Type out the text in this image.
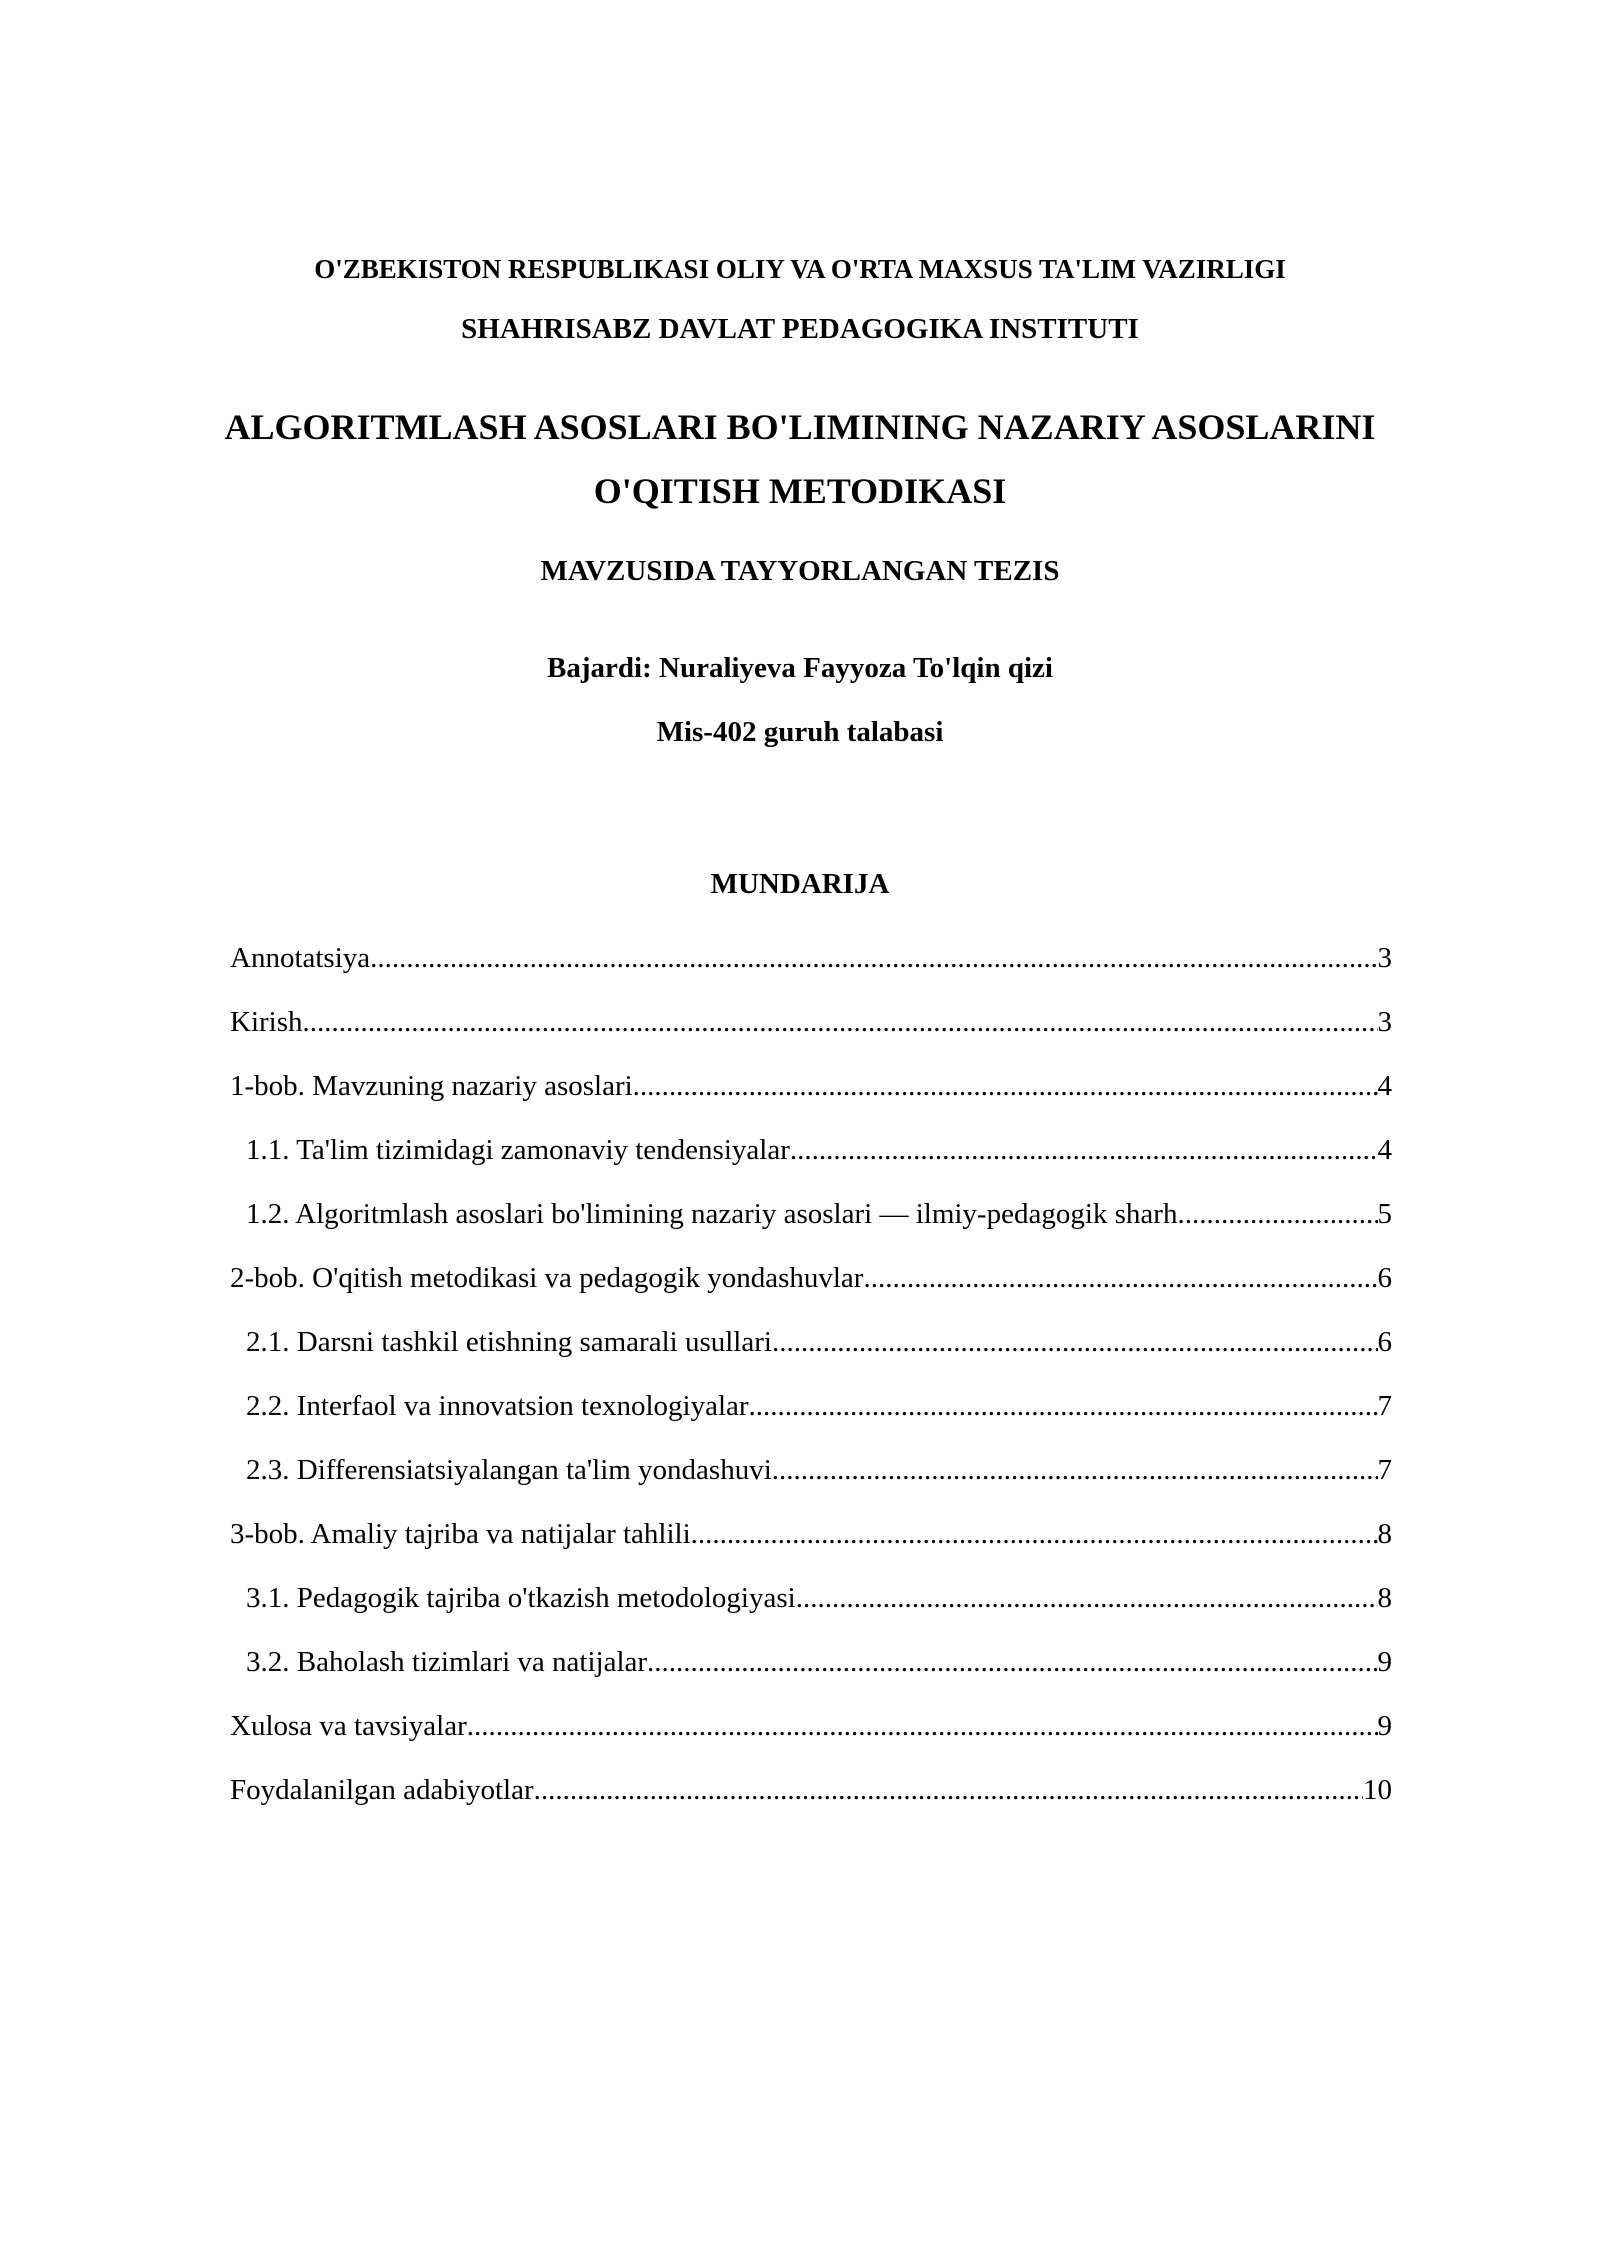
O'ZBEKISTON RESPUBLIKASI OLIY VA O'RTA MAXSUS TA'LIM VAZIRLIGI
SHAHRISABZ DAVLAT PEDAGOGIKA INSTITUTI
ALGORITMLASH ASOSLARI BO'LIMINING NAZARIY ASOSLARINI
O'QITISH METODIKASI
MAVZUSIDA TAYYORLANGAN TEZIS
Bajardi: Nuraliyeva Fayyoza To'lqin qizi
Mis-402 guruh talabasi
MUNDARIJA
Annotatsiya .....	3
Kirish .....	3
1-bob. Mavzuning nazariy asoslari .....	4
1.1. Ta'lim tizimidagi zamonaviy tendensiyalar .....	4
1.2. Algoritmlash asoslari bo'limining nazariy asoslari — ilmiy-pedagogik sharh .....	5
2-bob. O'qitish metodikasi va pedagogik yondashuvlar .....	6
2.1. Darsni tashkil etishning samarali usullari .....	6
2.2. Interfaol va innovatsion texnologiyalar .....	7
2.3. Differensiatsiyalangan ta'lim yondashuvi .....	7
3-bob. Amaliy tajriba va natijalar tahlili .....	8
3.1. Pedagogik tajriba o'tkazish metodologiyasi .....	8
3.2. Baholash tizimlari va natijalar .....	9
Xulosa va tavsiyalar .....	9
Foydalanilgan adabiyotlar .....	10
